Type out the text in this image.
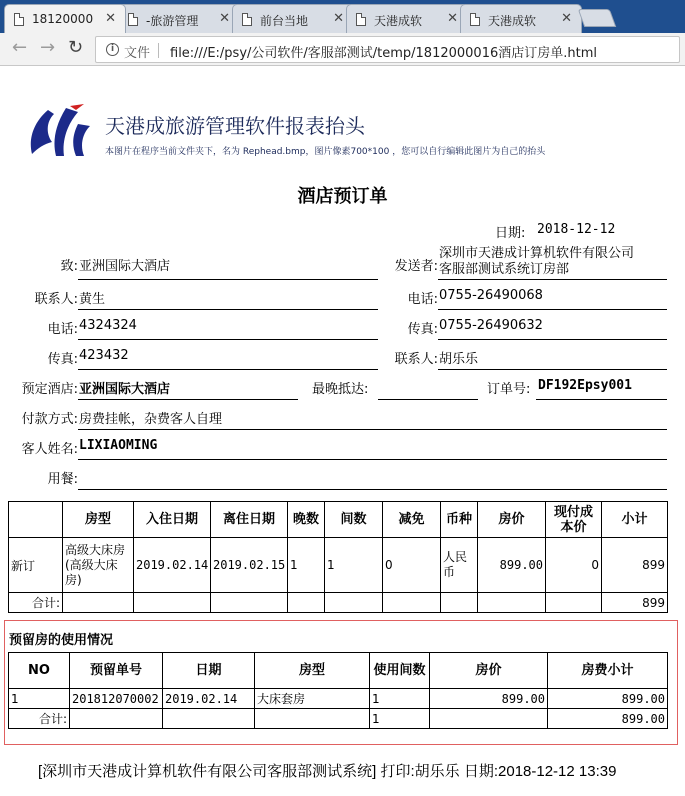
18120000 ✕	-旅游管理 ✕	前台当地	✕	天港成软	✕	天港成软	✕
← → ↻	i 文件 file:///E:/psy/公司软件/客服部测试/temp/1812000016酒店订房单.html
天港成旅游管理软件报表抬头
本图片在程序当前文件夹下，名为 Rephead.bmp，图片像素700*100 ，您可以自行编辑此图片为自己的抬头
酒店预订单
日期: 2018-12-12
致: 亚洲国际大酒店
联系人: 黄生
电话: 4324324
传真: 423432
发送者:
深圳市天港成计算机软件有限公司
客服部测试系统订房部
电话: 0755-26490068
传真: 0755-26490632
联系人: 胡乐乐
预定酒店: 亚洲国际大酒店	最晚抵达:	订单号: DF192Epsy001
付款方式: 房费挂帐，杂费客人自理
客人姓名: LIXIAOMING
用餐:
	房型	入住日期	离住日期	晚数	间数	减免	币种	房价	现付成本价	小计
新订	高级大床房(高级大床房)	2019.02.14	2019.02.15	1	1	0	人民币	899.00	0	899
合计:										899
预留房的使用情况
NO	预留单号	日期	房型	使用间数	房价	房费小计
1	201812070002	2019.02.14	大床套房	1	899.00	899.00
合计:				1		899.00
[深圳市天港成计算机软件有限公司客服部测试系统] 打印:胡乐乐 日期:2018-12-12 13:39
